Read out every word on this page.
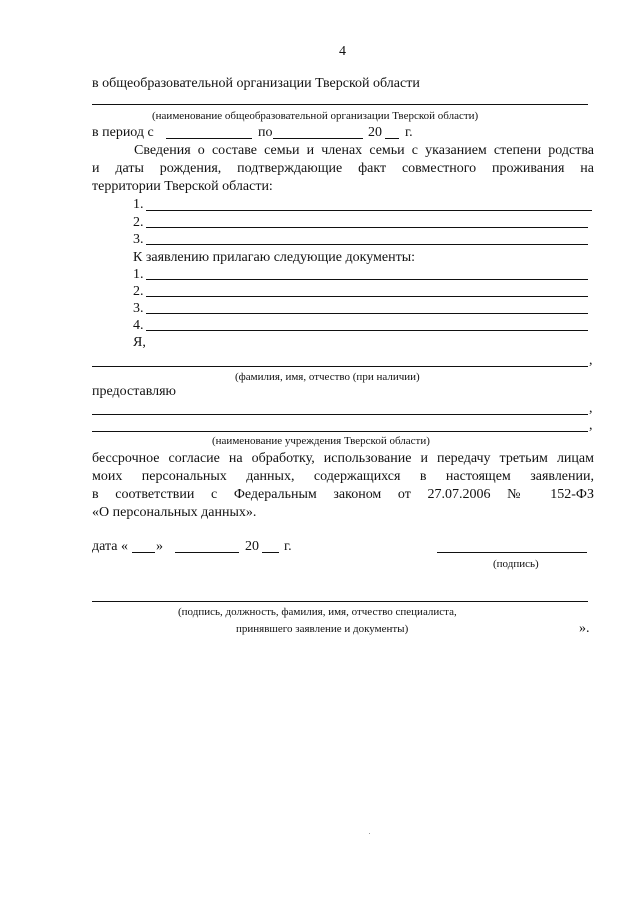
4
в общеобразовательной организации Тверской области
(наименование общеобразовательной организации Тверской области)
в период с	по	20 г.
Сведения о составе семьи и членах семьи с указанием степени родства
и даты рождения, подтверждающие факт совместного проживания на
территории Тверской области:
1.
2.
3.
К заявлению прилагаю следующие документы:
1.
2.
3.
4.
Я,
,
(фамилия, имя, отчество (при наличии)
предоставляю
,
,
(наименование учреждения Тверской области)
бессрочное согласие на обработку, использование и передачу третьим лицам
моих персональных данных, содержащихся в настоящем заявлении,
в соответствии с Федеральным законом от 27.07.2006 № 152-ФЗ
«О персональных данных».
дата « »	20 г.
(подпись)
(подпись, должность, фамилия, имя, отчество специалиста,
принявшего заявление и документы)	».
